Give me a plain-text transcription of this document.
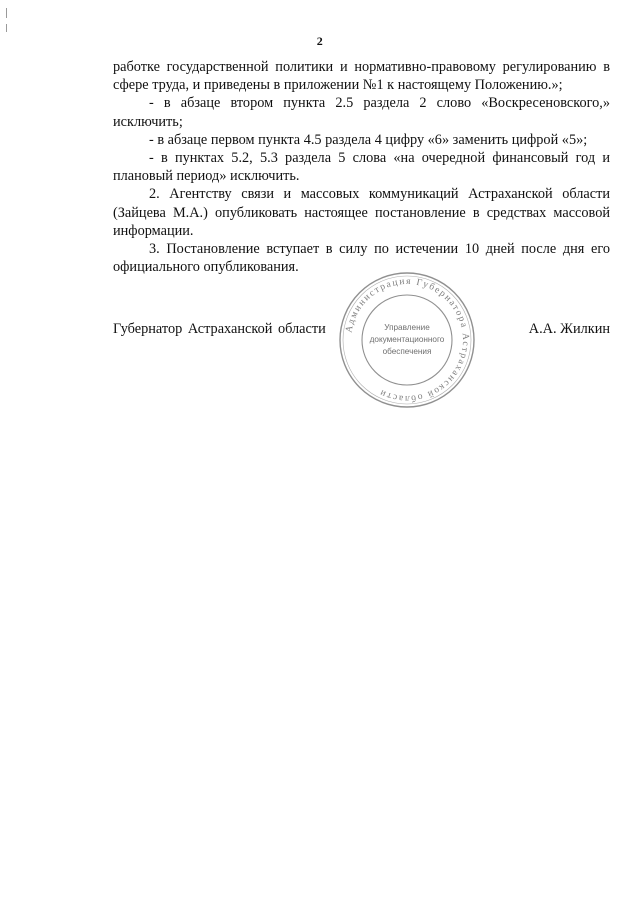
2

работке государственной политики и нормативно-правовому регулированию в сфере труда, и приведены в приложении №1 к настоящему Положению.»;

- в абзаце втором пункта 2.5 раздела 2 слово «Воскресеновского,» исключить;

- в абзаце первом пункта 4.5 раздела 4 цифру «6» заменить цифрой «5»;

- в пунктах 5.2, 5.3 раздела 5 слова «на очередной финансовый год и плановый период» исключить.

2. Агентству связи и массовых коммуникаций Астраханской области (Зайцева М.А.) опубликовать настоящее постановление в средствах массовой информации.

3. Постановление вступает в силу по истечении 10 дней после дня его официального опубликования.

Губернатор Астраханской области	А.А. Жилкин
Администрация Губернатора Астраханской области
Управление
документационного
обеспечения
